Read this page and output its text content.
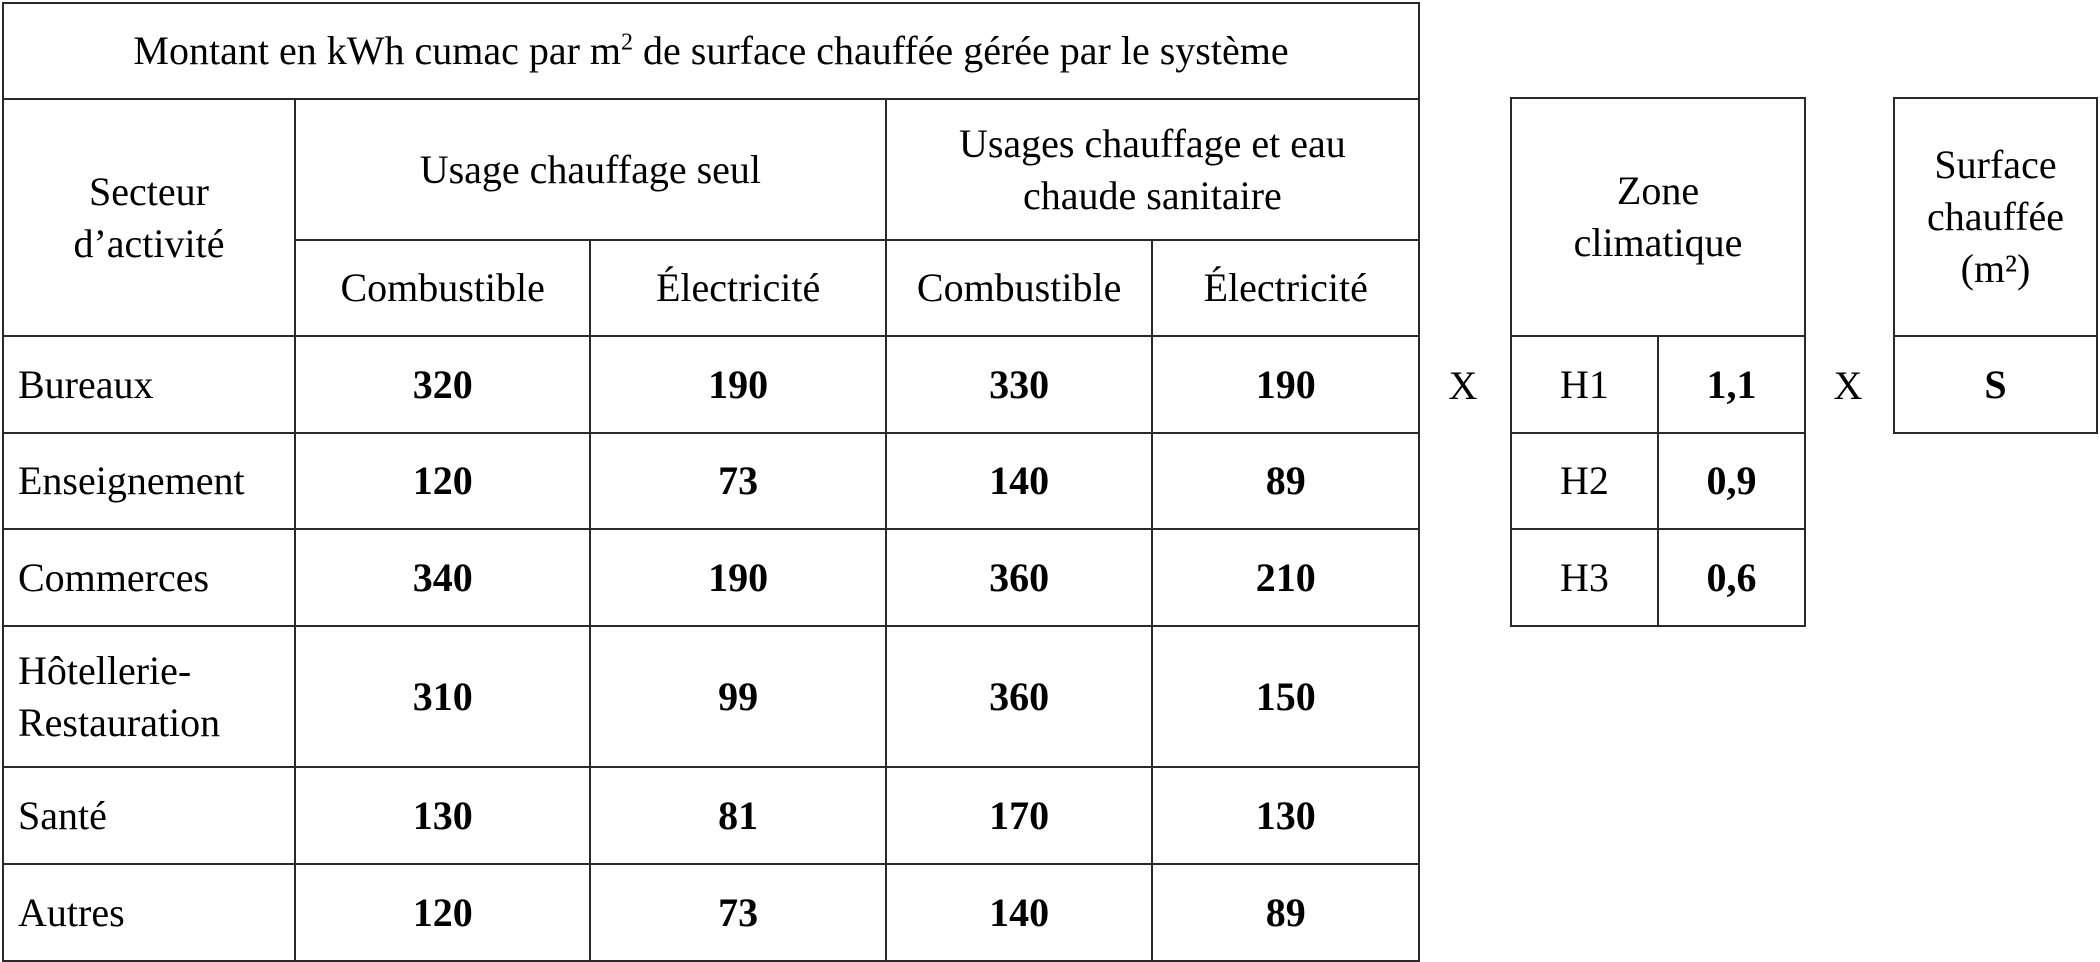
Montant en kWh cumac par $m^2$ de surface chauffée gérée par le système				
Secteur d’activité	Usage chauffage seul		Usages chauffage et eau chaude sanitaire	
	Combustible	Électricité	Combustible	Électricité
Bureaux	320	190	330	190
Enseignement	120	73	140	89
Commerces	340	190	360	210
Hôtellerie-Restauration	310	99	360	150
Santé	130	81	170	130
Autres	120	73	140	89
X
Zone climatique	
H1	1,1
H2	0,9
H3	0,6
X
Surface chauffée (m²)
S
